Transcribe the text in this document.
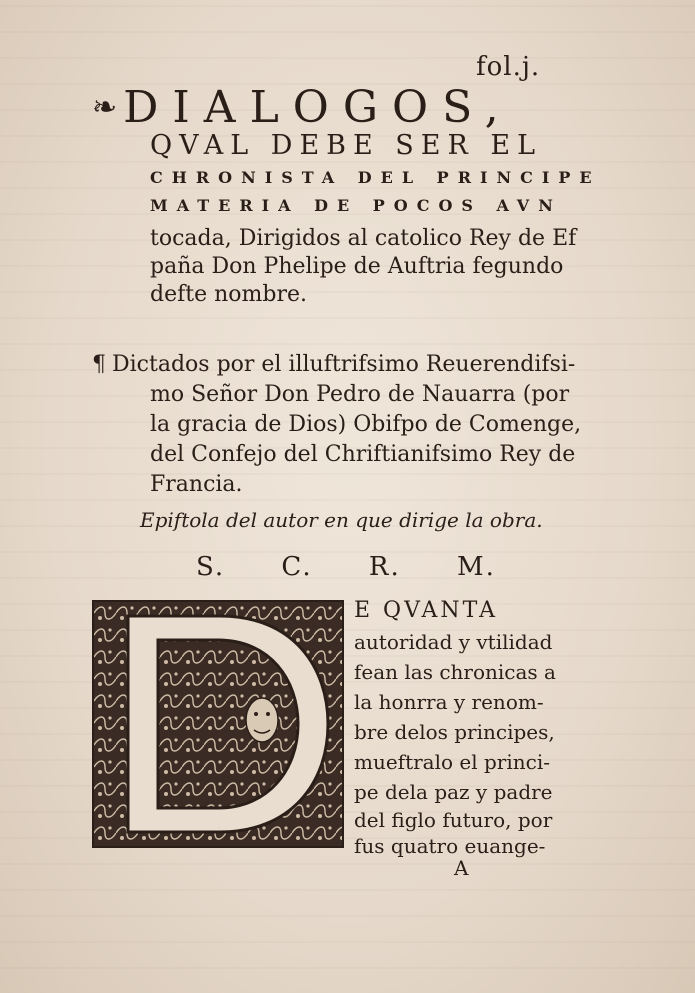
fol.j.
❧ DIALOGOS,
QVAL DEBE SER EL
CHRONISTA DEL PRINCIPE
MATERIA DE POCOS AVN
tocada, Dirigidos al catolico Rey de Ef
paña Don Phelipe de Auftria fegundo
defte nombre.
¶ Dictados por el illuftrifsimo Reuerendifsi-
mo Señor Don Pedro de Nauarra (por
la gracia de Dios) Obifpo de Comenge,
del Confejo del Chriftianifsimo Rey de
Francia.
Epiftola del autor en que dirige la obra.
S. C. R. M.
D
E QVANTA
autoridad y vtilidad
fean las chronicas a
la honrra y renom-
bre delos principes,
mueftralo el princi-
pe dela paz y padre
del figlo futuro, por
fus quatro euange-
A
